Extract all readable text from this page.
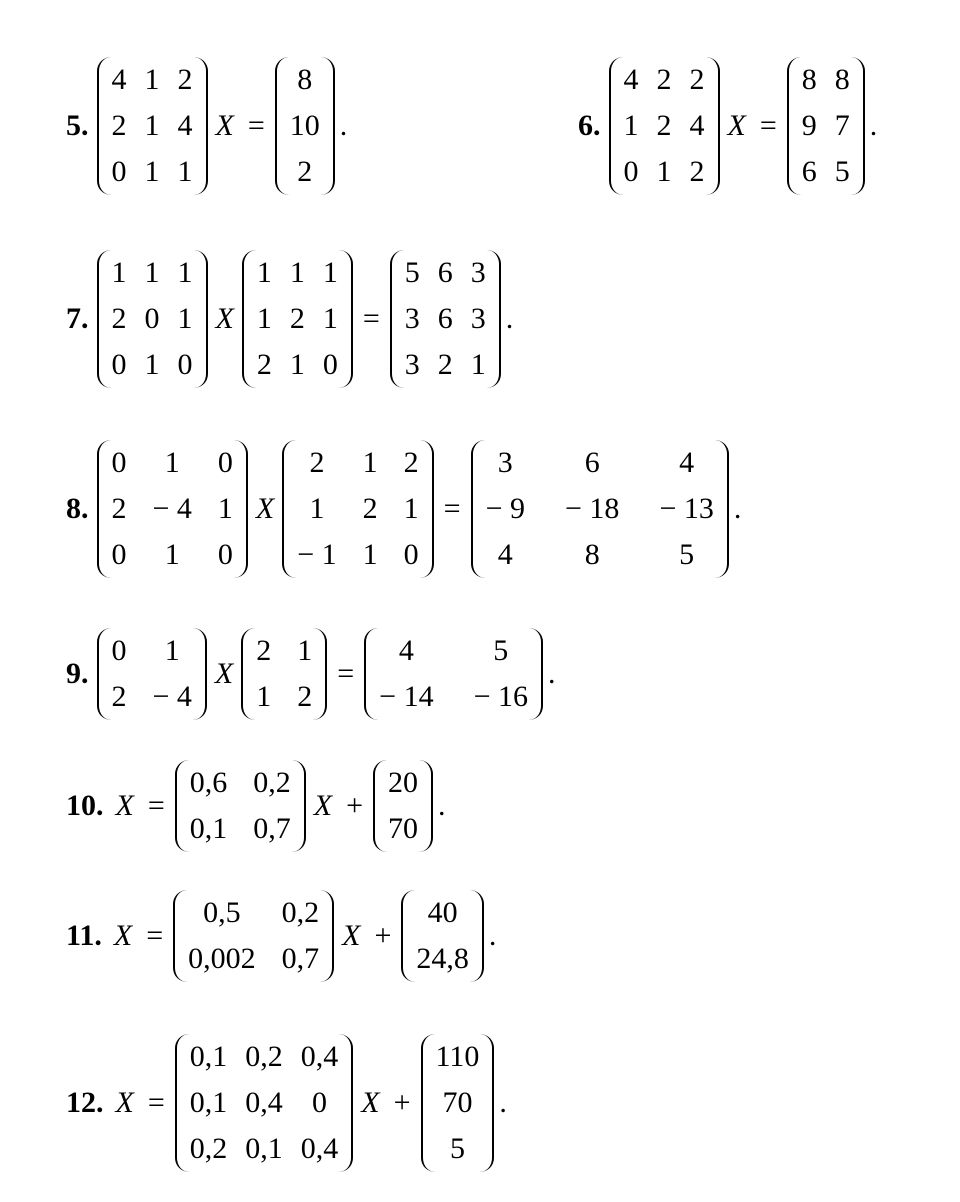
5.
4 1 2
2 1 4
0 1 1
X =
8
10
2
.	6.
4 2 2
1 2 4
0 1 2
X =
8 8
9 7
6 5
.
7.
1 1 1
2 0 1
0 1 0
X
1 1 1
1 2 1
2 1 0
=
5 6 3
3 6 3
3 2 1
.
8.
0	1	0
2 − 4 1
0	1	0
X
2	1 2
1	2 1
− 1 1 0
=
3	6	4
− 9 − 18 − 13
4	8	5
.
9.
0	1
2 − 4
X
2 1
1 2
=
4	5
− 14 − 16
.
10. X =
0,6 0,2
0,1 0,7
X +
20
70
.
11. X =
0,5	0,2
0,002 0,7
X +
40
24,8
.
12. X =
0,1 0,2 0,4
0,1 0,4 0
0,2 0,1 0,4
X +
110
70
5
.
